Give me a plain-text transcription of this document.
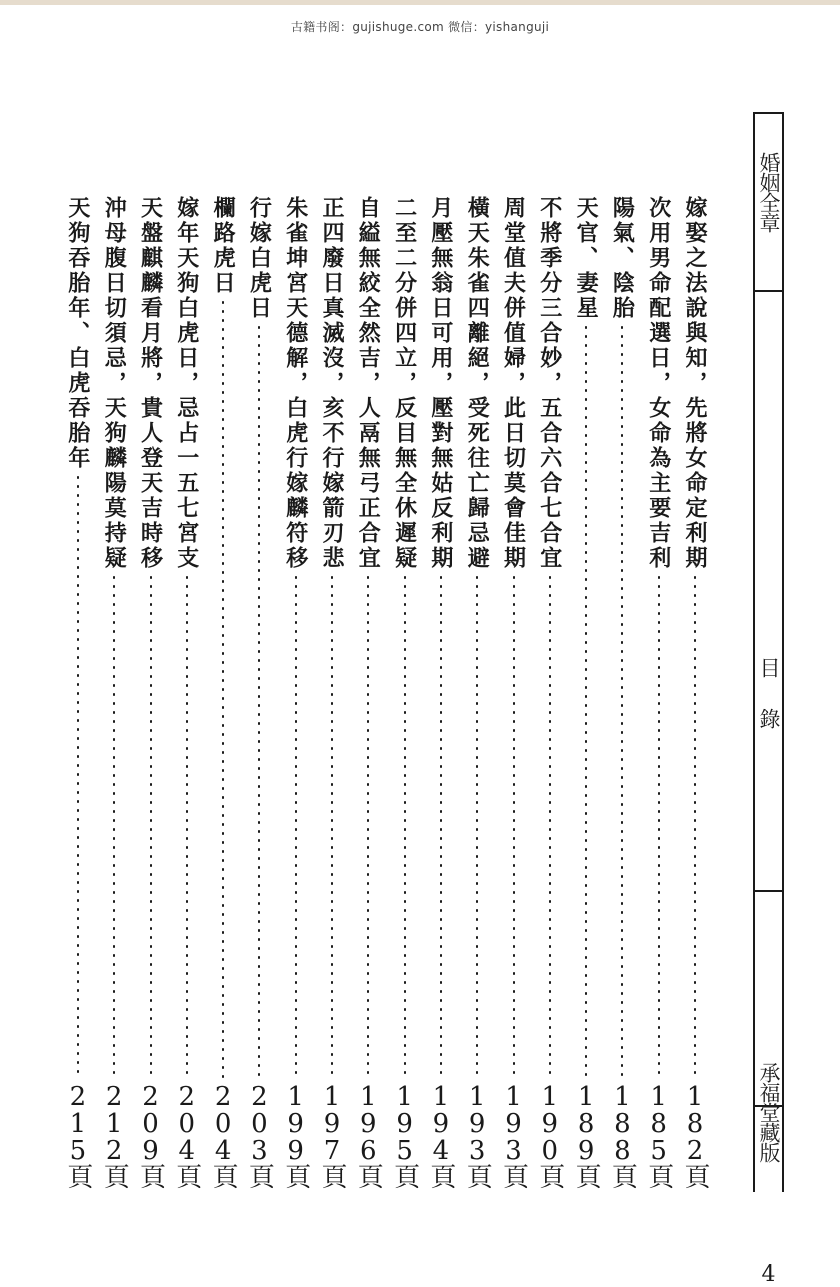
古籍书阁：gujishuge.com 微信：yishanguji
婚姻全章
目錄
承福堂藏版
4
嫁娶之法說與知，先將女命定利期
182頁
次用男命配選日，女命為主要吉利
185頁
陽氣、陰胎
188頁
天官、妻星
189頁
不將季分三合妙，五合六合七合宜
190頁
周堂值夫併值婦，此日切莫會佳期
193頁
橫天朱雀四離絕，受死往亡歸忌避
193頁
月壓無翁日可用，壓對無姑反利期
194頁
二至二分併四立，反目無全休遲疑
195頁
自縊無絞全然吉，人鬲無弓正合宜
196頁
正四廢日真滅沒，亥不行嫁箭刃悲
197頁
朱雀坤宮天德解，白虎行嫁麟符移
199頁
行嫁白虎日
203頁
欄路虎日
204頁
嫁年天狗白虎日，忌占一五七宮支
204頁
天盤麒麟看月將，貴人登天吉時移
209頁
沖母腹日切須忌，天狗麟陽莫持疑
212頁
天狗吞胎年、白虎吞胎年
215頁
